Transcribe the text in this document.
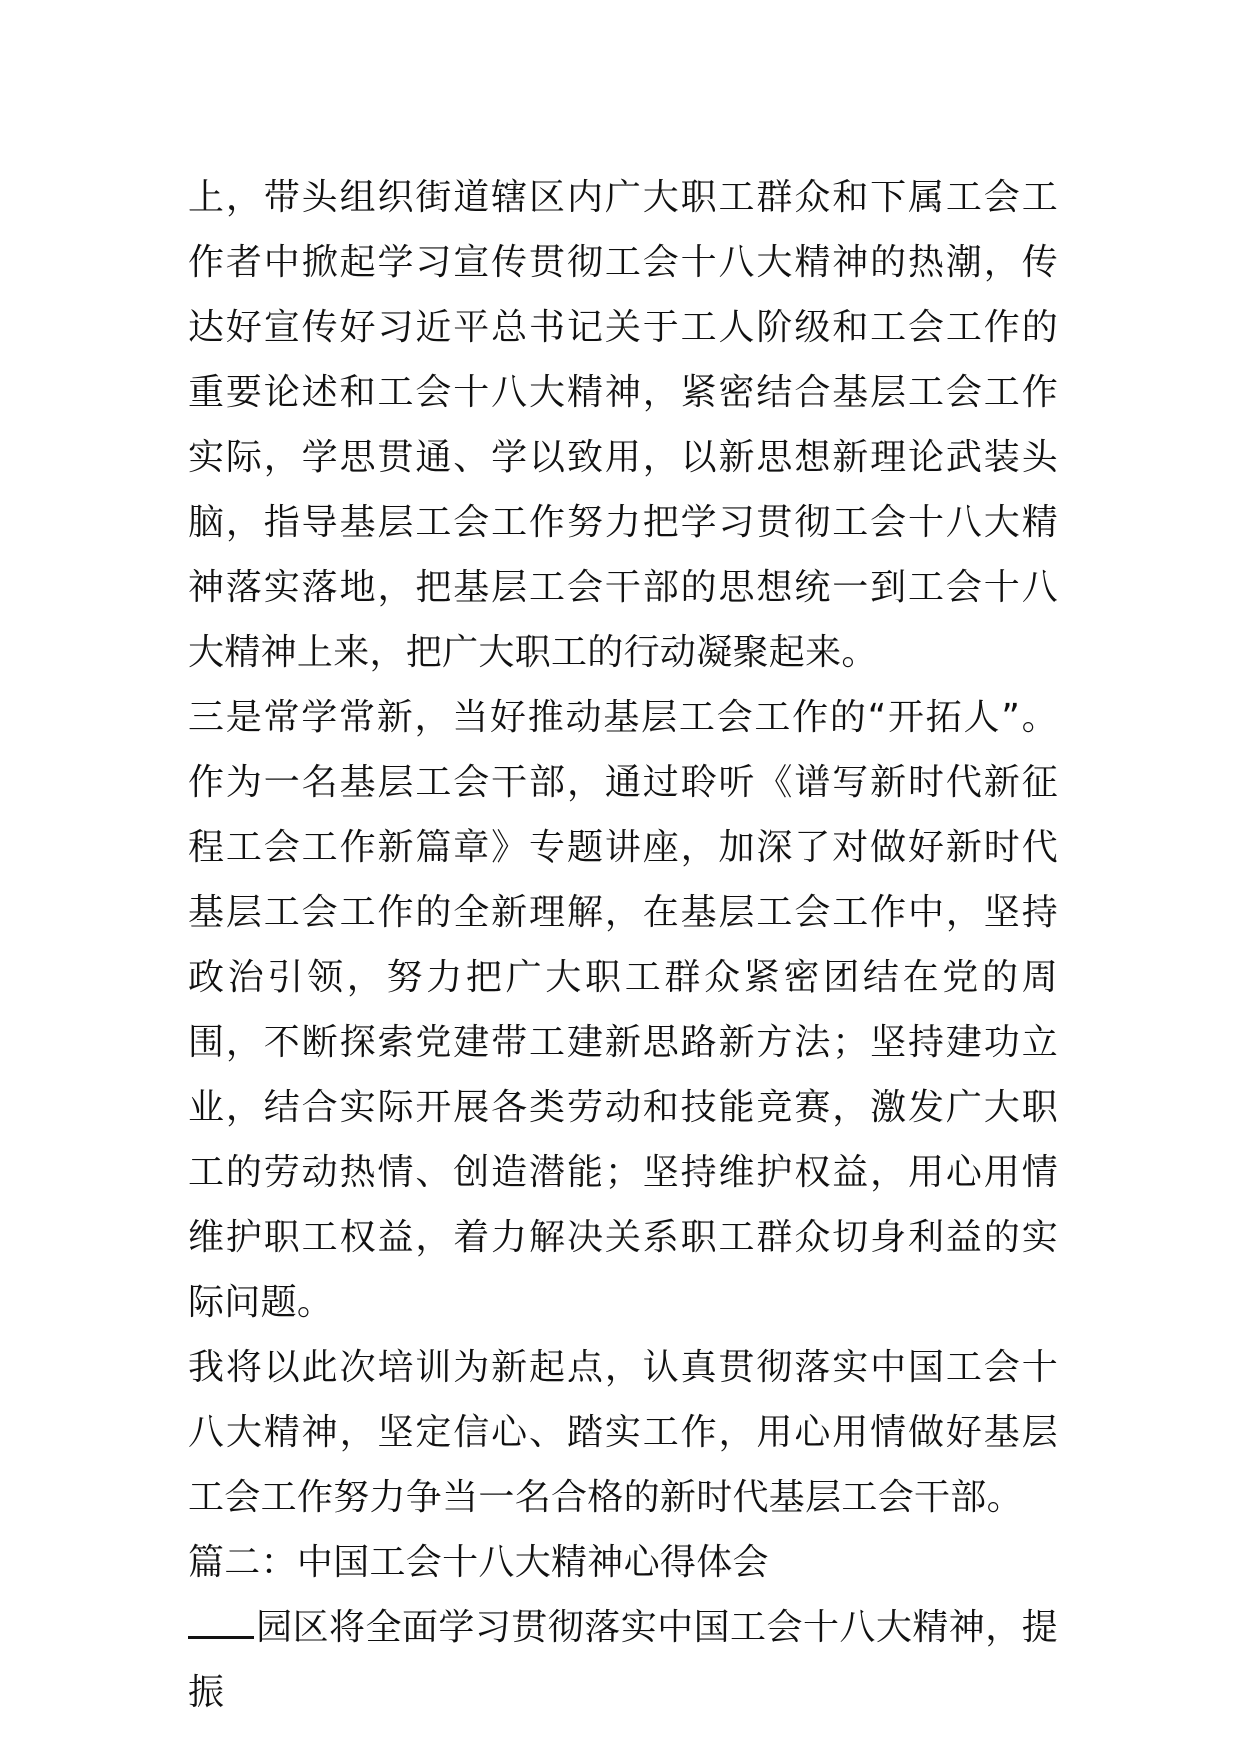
上，带头组织街道辖区内广大职工群众和下属工会工作者中掀起学习宣传贯彻工会十八大精神的热潮，传达好宣传好习近平总书记关于工人阶级和工会工作的重要论述和工会十八大精神，紧密结合基层工会工作实际，学思贯通、学以致用，以新思想新理论武装头脑，指导基层工会工作努力把学习贯彻工会十八大精神落实落地，把基层工会干部的思想统一到工会十八大精神上来，把广大职工的行动凝聚起来。

三是常学常新，当好推动基层工会工作的“开拓人”。作为一名基层工会干部，通过聆听《谱写新时代新征程工会工作新篇章》专题讲座，加深了对做好新时代基层工会工作的全新理解，在基层工会工作中，坚持政治引领，努力把广大职工群众紧密团结在党的周围，不断探索党建带工建新思路新方法；坚持建功立业，结合实际开展各类劳动和技能竞赛，激发广大职工的劳动热情、创造潜能；坚持维护权益，用心用情维护职工权益，着力解决关系职工群众切身利益的实际问题。

我将以此次培训为新起点，认真贯彻落实中国工会十八大精神，坚定信心、踏实工作，用心用情做好基层工会工作努力争当一名合格的新时代基层工会干部。

篇二：中国工会十八大精神心得体会

园区将全面学习贯彻落实中国工会十八大精神，提振
